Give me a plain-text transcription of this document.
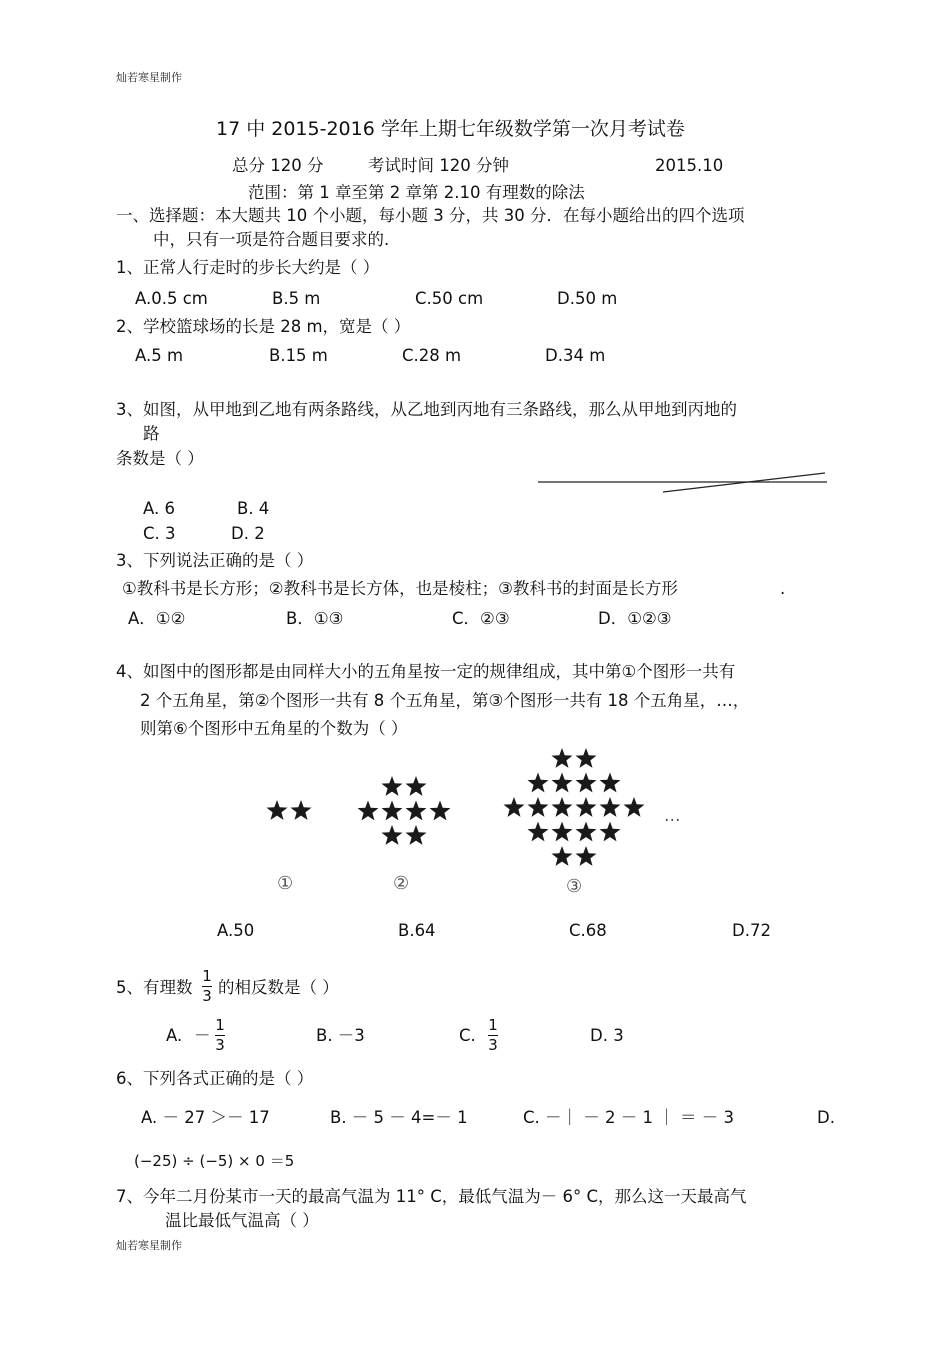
灿若寒星制作
17 中 2015-2016 学年上期七年级数学第一次月考试卷
总分 120 分	考试时间 120 分钟	2015.10
范围：第 1 章至第 2 章第 2.10 有理数的除法
一、选择题：本大题共 10 个小题，每小题 3 分，共 30 分．在每小题给出的四个选项
中，只有一项是符合题目要求的.
1、正常人行走时的步长大约是（ ）
A.0.5 cm	B.5 m	C.50 cm	D.50 m
2、学校篮球场的长是 28 m，宽是（ ）
A.5 m	B.15 m	C.28 m	D.34 m
3、如图，从甲地到乙地有两条路线，从乙地到丙地有三条路线，那么从甲地到丙地的
路
条数是（ ）
A. 6	B. 4
C. 3	D. 2
3、下列说法正确的是（ ）
①教科书是长方形；②教科书是长方体，也是棱柱；③教科书的封面是长方形	.
A．①②	B．①③	C．②③	D．①②③
4、如图中的图形都是由同样大小的五角星按一定的规律组成，其中第①个图形一共有
2 个五角星，第②个图形一共有 8 个五角星，第③个图形一共有 18 个五角星，…，
则第⑥个图形中五角星的个数为（ ）
①	②	③
…
A.50	B.64	C.68	D.72
5、有理数
1
3 的相反数是（ ）
A. －
1
3	B. －3	C.
1
3	D. 3
6、下列各式正确的是（ ）
A. － 27 ＞－ 17	B. － 5 － 4=－ 1	C. －｜ － 2 － 1 ｜ ＝ － 3	D.
(−25) ÷ (−5) × 0 ＝5
7、今年二月份某市一天的最高气温为 11° C，最低气温为－ 6° C，那么这一天最高气
温比最低气温高（ ）
灿若寒星制作
